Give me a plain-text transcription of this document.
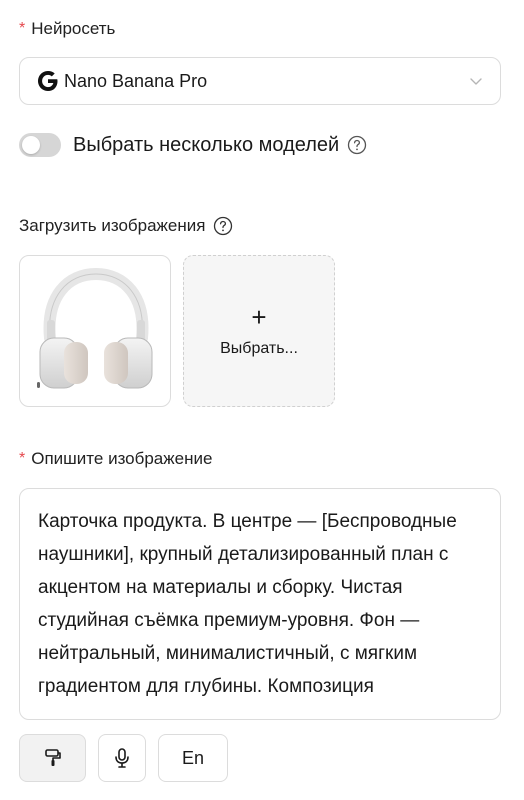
* Нейросеть
Nano Banana Pro
Выбрать несколько моделей
Загрузить изображения
+
Выбрать...
* Опишите изображение
Карточка продукта. В центре — [Беспроводные наушники], крупный детализированный план с акцентом на материалы и сборку. Чистая студийная съёмка премиум-уровня. Фон — нейтральный, минималистичный, с мягким градиентом для глубины. Композиция
En
